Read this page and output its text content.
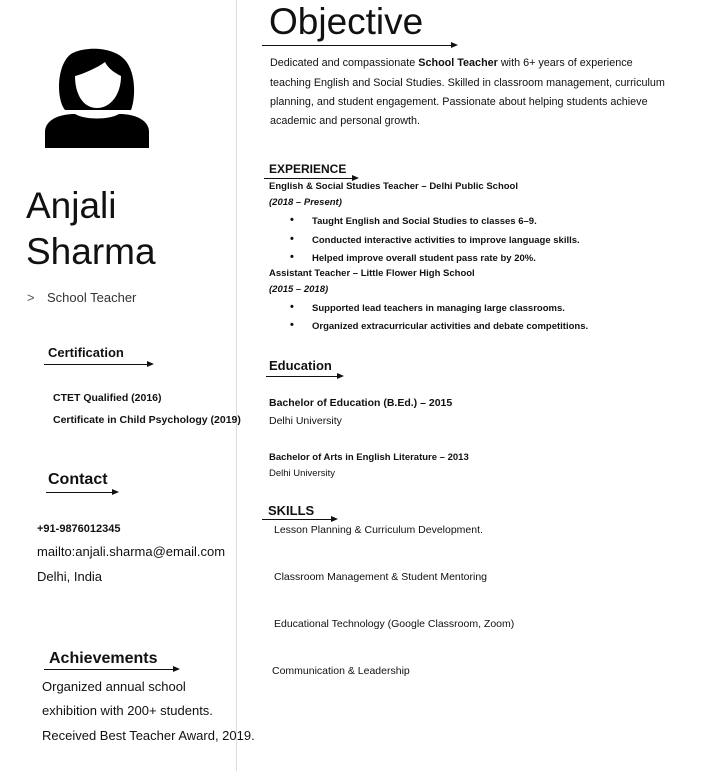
Anjali
Sharma
> School Teacher
Certification
CTET Qualified (2016)
Certificate in Child Psychology (2019)
Contact
+91-9876012345
mailto:anjali.sharma@email.com
Delhi, India
Achievements
Organized annual school
exhibition with 200+ students.
Received Best Teacher Award, 2019.
Objective
Dedicated and compassionate School Teacher with 6+ years of experience
teaching English and Social Studies. Skilled in classroom management, curriculum
planning, and student engagement. Passionate about helping students achieve
academic and personal growth.
EXPERIENCE
English & Social Studies Teacher – Delhi Public School
(2018 – Present)
• Taught English and Social Studies to classes 6–9.
• Conducted interactive activities to improve language skills.
• Helped improve overall student pass rate by 20%.
Assistant Teacher – Little Flower High School
(2015 – 2018)
• Supported lead teachers in managing large classrooms.
• Organized extracurricular activities and debate competitions.
Education
Bachelor of Education (B.Ed.) – 2015
Delhi University
Bachelor of Arts in English Literature – 2013
Delhi University
SKILLS
Lesson Planning & Curriculum Development.
Classroom Management & Student Mentoring
Educational Technology (Google Classroom, Zoom)
Communication & Leadership
